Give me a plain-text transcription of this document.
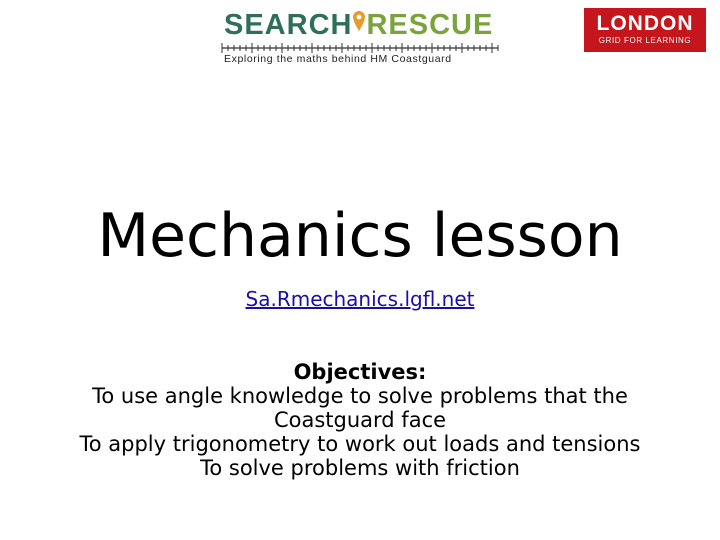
SEARCH RESCUE
Exploring the maths behind HM Coastguard
LONDON
GRID FOR LEARNING
Mechanics lesson
Sa.Rmechanics.lgfl.net
Objectives:
To use angle knowledge to solve problems that the
Coastguard face
To apply trigonometry to work out loads and tensions
To solve problems with friction
